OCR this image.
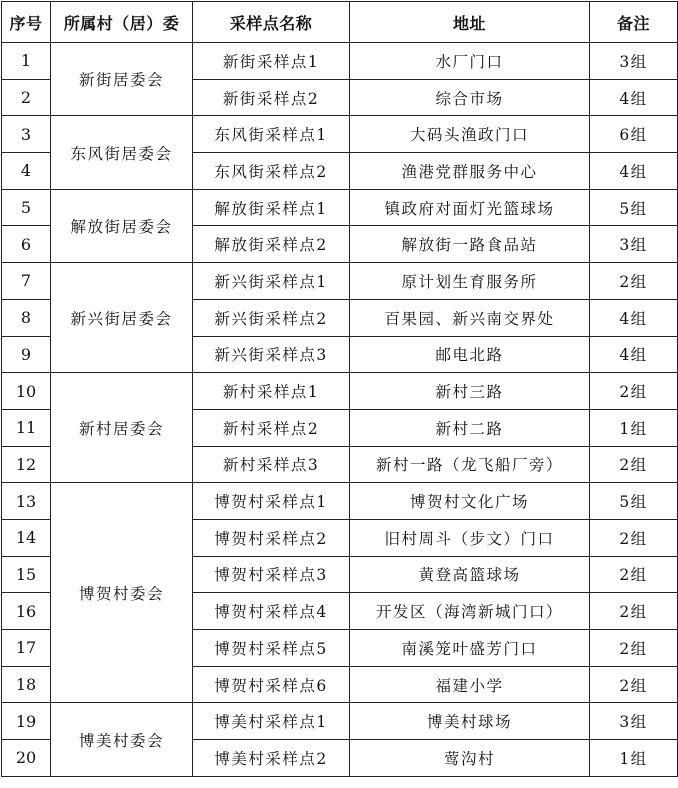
序号	所属村（居）委	采样点名称	地址	备注
1	新街居委会	新街采样点1	水厂门口	3组
2		新街采样点2	综合市场	4组
3	东风街居委会	东风街采样点1	大码头渔政门口	6组
4		东风街采样点2	渔港党群服务中心	4组
5	解放街居委会	解放街采样点1	镇政府对面灯光篮球场	5组
6		解放街采样点2	解放街一路食品站	3组
7	新兴街居委会	新兴街采样点1	原计划生育服务所	2组
8		新兴街采样点2	百果园、新兴南交界处	4组
9		新兴街采样点3	邮电北路	4组
10	新村居委会	新村采样点1	新村三路	2组
11		新村采样点2	新村二路	1组
12		新村采样点3	新村一路（龙飞船厂旁）	2组
13	博贺村委会	博贺村采样点1	博贺村文化广场	5组
14		博贺村采样点2	旧村周斗（步文）门口	2组
15		博贺村采样点3	黄登高篮球场	2组
16		博贺村采样点4	开发区（海湾新城门口）	2组
17		博贺村采样点5	南溪笼叶盛芳门口	2组
18		博贺村采样点6	福建小学	2组
19	博美村委会	博美村采样点1	博美村球场	3组
20		博美村采样点2	莺沟村	1组
